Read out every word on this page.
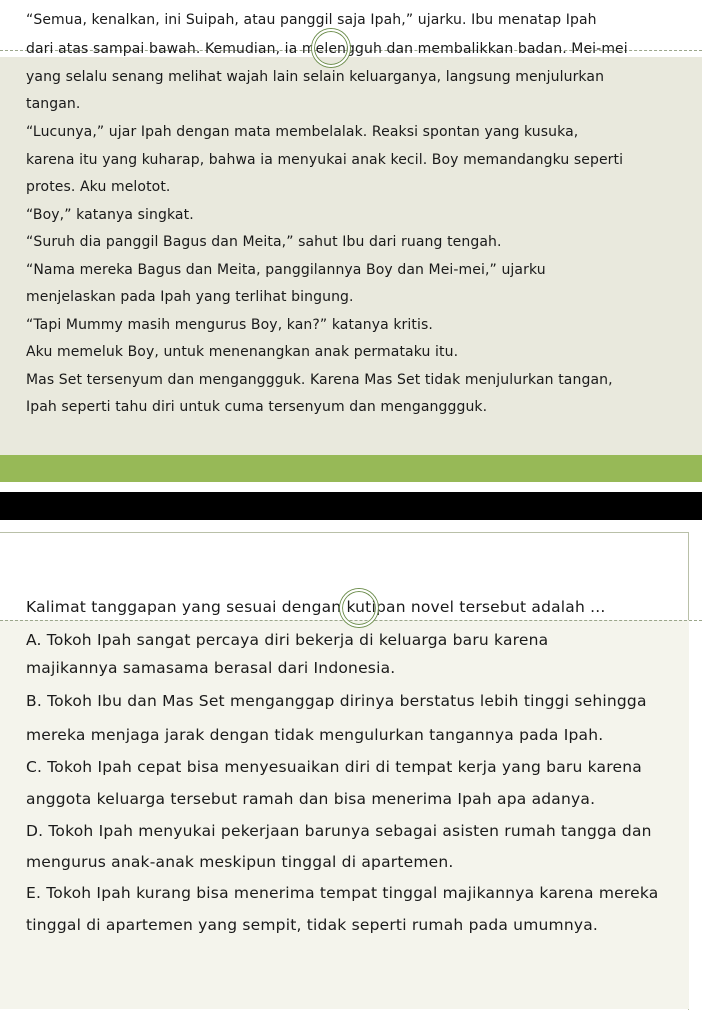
“Semua, kenalkan, ini Suipah, atau panggil saja Ipah,” ujarku. Ibu menatap Ipah
dari atas sampai bawah. Kemudian, ia melengguh dan membalikkan badan. Mei-mei
yang selalu senang melihat wajah lain selain keluarganya, langsung menjulurkan
tangan.
“Lucunya,” ujar Ipah dengan mata membelalak. Reaksi spontan yang kusuka,
karena itu yang kuharap, bahwa ia menyukai anak kecil. Boy memandangku seperti
protes. Aku melotot.
“Boy,” katanya singkat.
“Suruh dia panggil Bagus dan Meita,” sahut Ibu dari ruang tengah.
“Nama mereka Bagus dan Meita, panggilannya Boy dan Mei-mei,” ujarku
menjelaskan pada Ipah yang terlihat bingung.
“Tapi Mummy masih mengurus Boy, kan?” katanya kritis.
Aku memeluk Boy, untuk menenangkan anak permataku itu.
Mas Set tersenyum dan menganggguk. Karena Mas Set tidak menjulurkan tangan,
Ipah seperti tahu diri untuk cuma tersenyum dan menganggguk.
Kalimat tanggapan yang sesuai dengan kutipan novel tersebut adalah ...
A. Tokoh Ipah sangat percaya diri bekerja di keluarga baru karena
majikannya samasama berasal dari Indonesia.
B. Tokoh Ibu dan Mas Set menganggap dirinya berstatus lebih tinggi sehingga
mereka menjaga jarak dengan tidak mengulurkan tangannya pada Ipah.
C. Tokoh Ipah cepat bisa menyesuaikan diri di tempat kerja yang baru karena
anggota keluarga tersebut ramah dan bisa menerima Ipah apa adanya.
D. Tokoh Ipah menyukai pekerjaan barunya sebagai asisten rumah tangga dan
mengurus anak-anak meskipun tinggal di apartemen.
E. Tokoh Ipah kurang bisa menerima tempat tinggal majikannya karena mereka
tinggal di apartemen yang sempit, tidak seperti rumah pada umumnya.
